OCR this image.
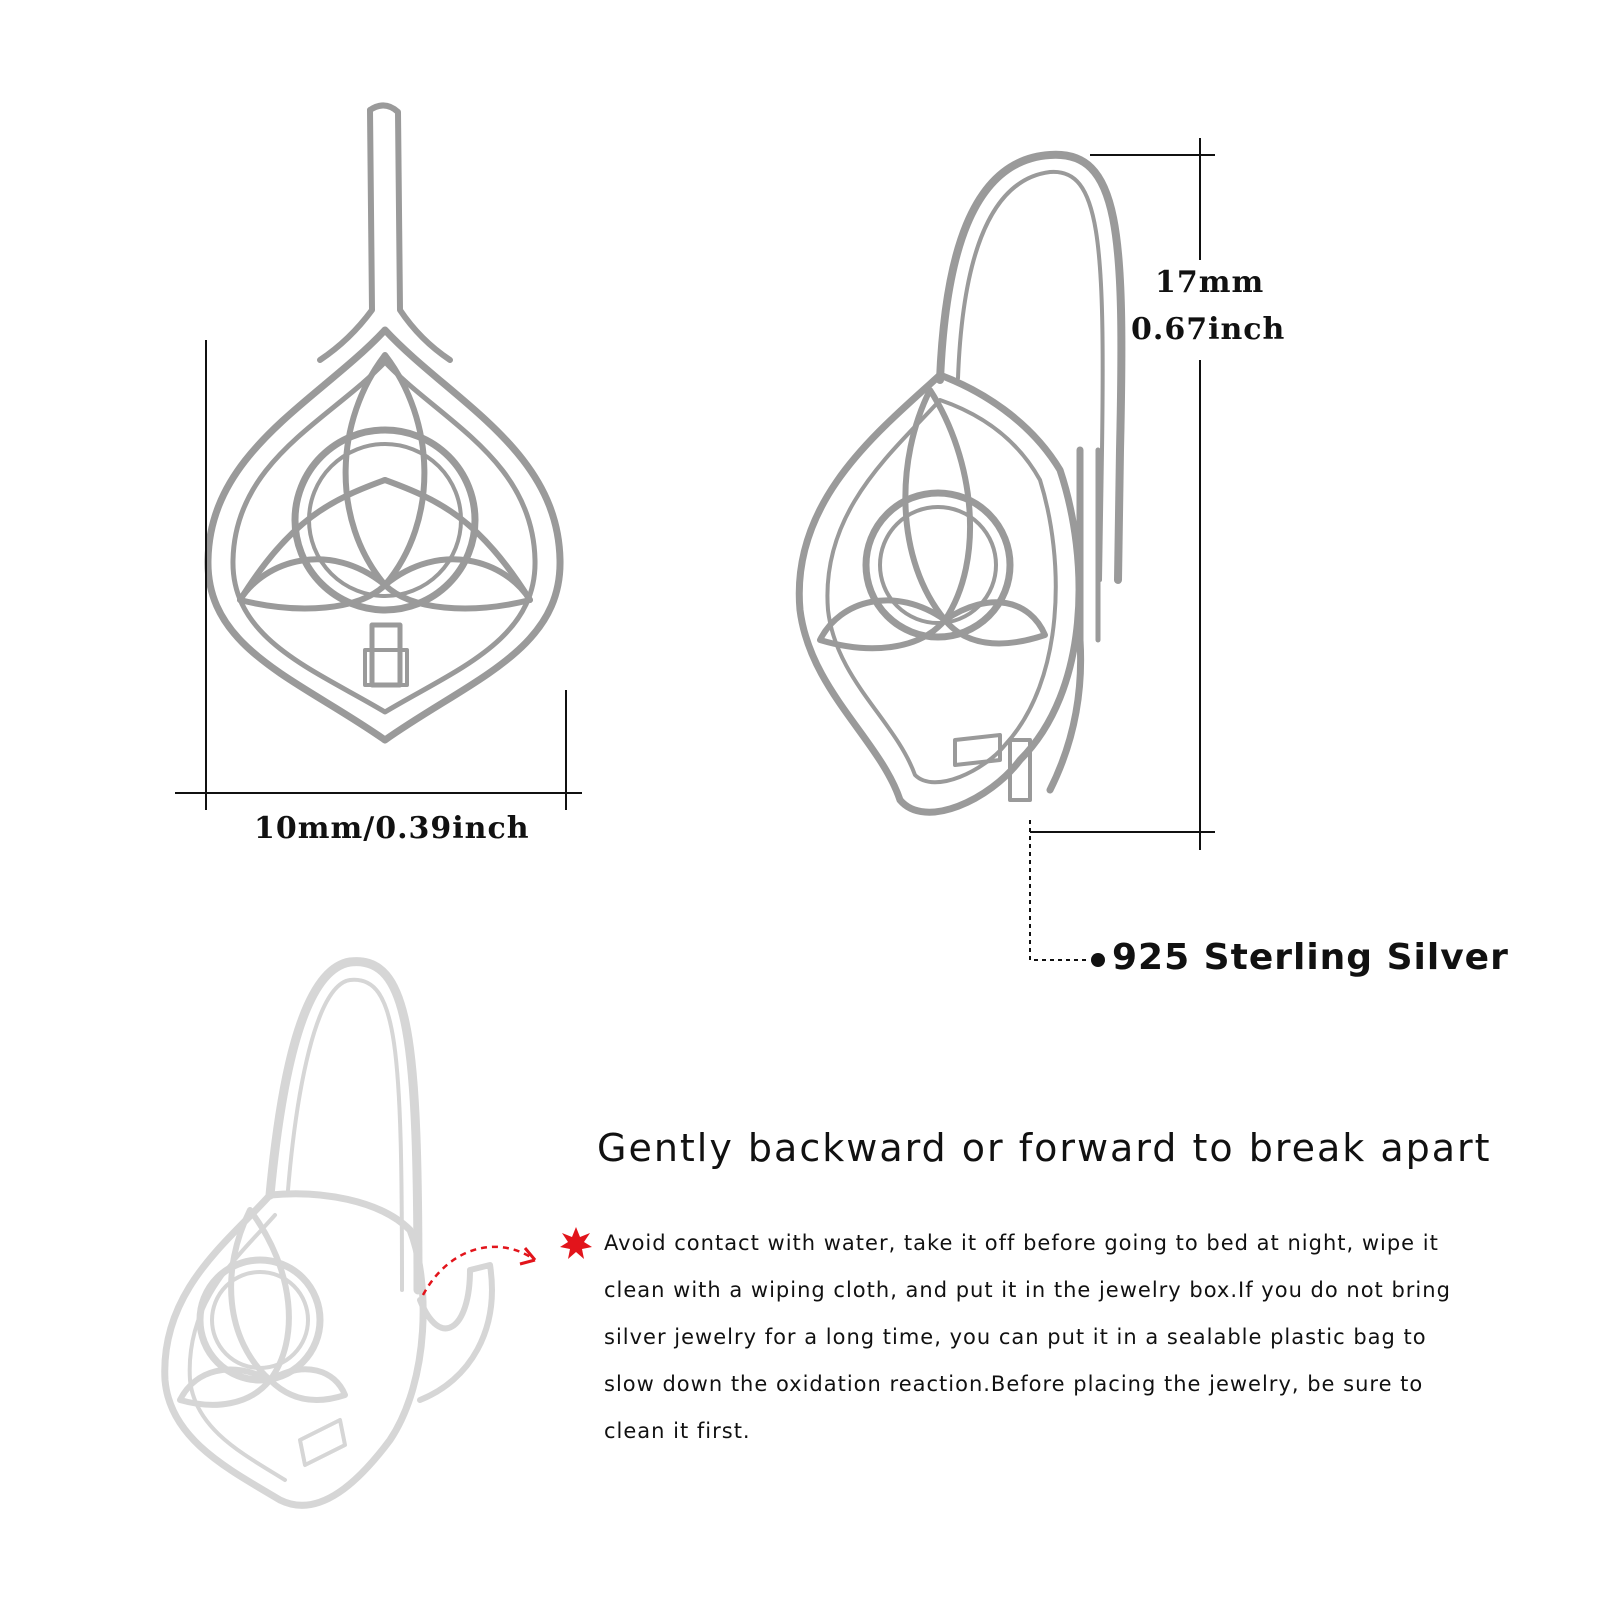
10mm/0.39inch
17mm
0.67inch
925 Sterling Silver
Gently backward or forward to break apart
Avoid contact with water, take it off before going to bed at night, wipe it clean with a wiping cloth, and put it in the jewelry box.If you do not bring silver jewelry for a long time, you can put it in a sealable plastic bag to slow down the oxidation reaction.Before placing the jewelry, be sure to clean it first.
